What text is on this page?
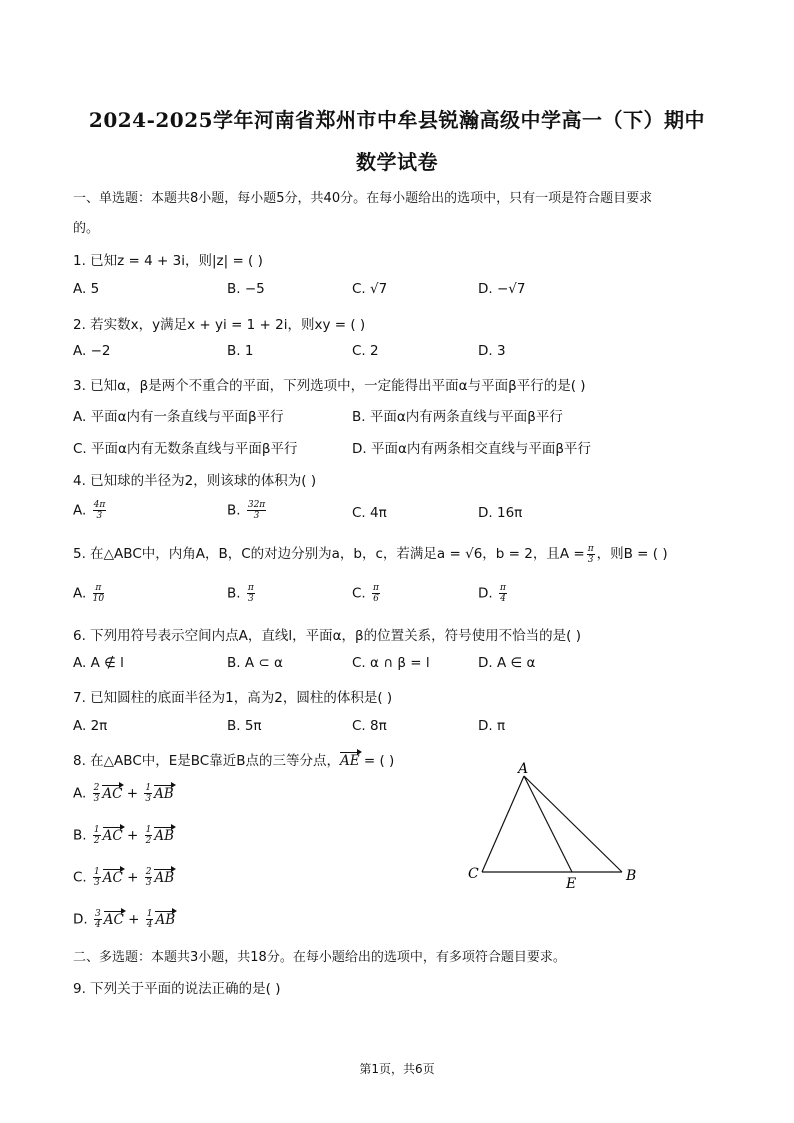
2024-2025学年河南省郑州市中牟县锐瀚高级中学高一（下）期中
数学试卷
一、单选题：本题共8小题，每小题5分，共40分。在每小题给出的选项中，只有一项是符合题目要求
的。
1. 已知z = 4 + 3i，则|z| = ( )
A. 5	B. −5	C. √7	D. −√7
2. 若实数x，y满足x + yi = 1 + 2i，则xy = ( )
A. −2	B. 1	C. 2	D. 3
3. 已知α，β是两个不重合的平面，下列选项中，一定能得出平面α与平面β平行的是( )
A. 平面α内有一条直线与平面β平行	B. 平面α内有两条直线与平面β平行
C. 平面α内有无数条直线与平面β平行	D. 平面α内有两条相交直线与平面β平行
4. 已知球的半径为2，则该球的体积为( )
A. $\frac{4\pi}{3}$	B. $\frac{32\pi}{3}$	C. 4π	D. 16π
5. 在△ABC中，内角A，B，C的对边分别为a，b，c，若满足a = √6，b = 2，且$A = \frac{\pi}{3}$ ，则B = ( )
A. $\frac{\pi}{10}$	B. $\frac{\pi}{3}$	C. $\frac{\pi}{6}$	D. $\frac{\pi}{4}$
6. 下列用符号表示空间内点A，直线l，平面α，β的位置关系，符号使用不恰当的是( )
A. A ∉ l	B. A ⊂ α	C. α ∩ β = l	D. A ∈ α
7. 已知圆柱的底面半径为1，高为2，圆柱的体积是( )
A. 2π	B. 5π	C. 8π	D. π
8. 在△ABC中，E是BC靠近B点的三等分点，AE = ( )
A. $\frac{2}{3}$ AC + $\frac{1}{3}$ AB
B. $\frac{1}{2}$ AC + $\frac{1}{2}$ AB
C. $\frac{1}{3}$ AC + $\frac{2}{3}$ AB
D. $\frac{3}{4}$ AC + $\frac{1}{4}$ AB
A
C	B
E
二、多选题：本题共3小题，共18分。在每小题给出的选项中，有多项符合题目要求。
9. 下列关于平面的说法正确的是( )
第1页，共6页
